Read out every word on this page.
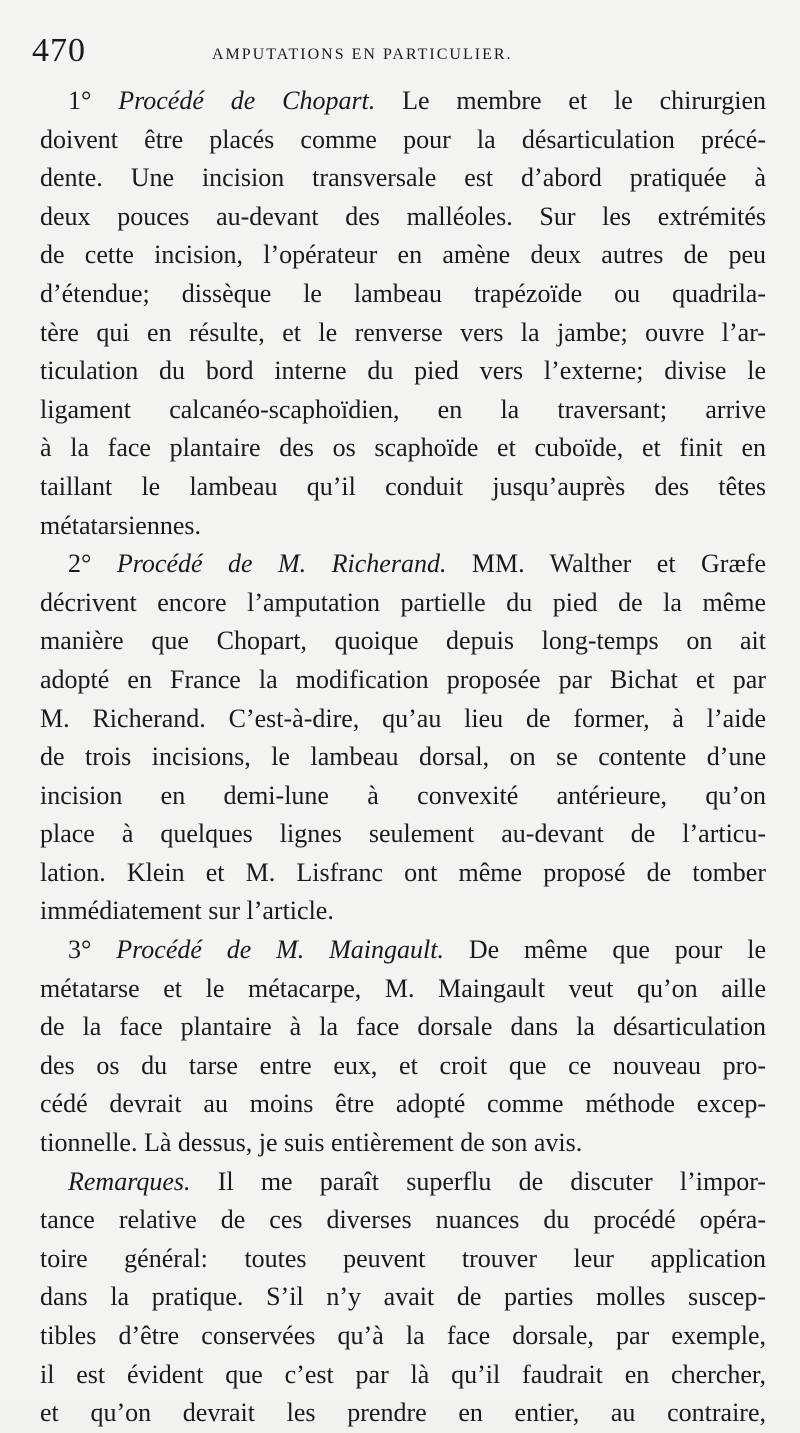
470	AMPUTATIONS EN PARTICULIER.
1° Procédé de Chopart. Le membre et le chirurgien
doivent être placés comme pour la désarticulation précé-
dente. Une incision transversale est d’abord pratiquée à
deux pouces au-devant des malléoles. Sur les extrémités
de cette incision, l’opérateur en amène deux autres de peu
d’étendue; dissèque le lambeau trapézoïde ou quadrila-
tère qui en résulte, et le renverse vers la jambe; ouvre l’ar-
ticulation du bord interne du pied vers l’externe; divise le
ligament calcanéo-scaphoïdien, en la traversant; arrive
à la face plantaire des os scaphoïde et cuboïde, et finit en
taillant le lambeau qu’il conduit jusqu’auprès des têtes
métatarsiennes.
2° Procédé de M. Richerand. MM. Walther et Græfe
décrivent encore l’amputation partielle du pied de la même
manière que Chopart, quoique depuis long-temps on ait
adopté en France la modification proposée par Bichat et par
M. Richerand. C’est-à-dire, qu’au lieu de former, à l’aide
de trois incisions, le lambeau dorsal, on se contente d’une
incision en demi-lune à convexité antérieure, qu’on
place à quelques lignes seulement au-devant de l’articu-
lation. Klein et M. Lisfranc ont même proposé de tomber
immédiatement sur l’article.
3° Procédé de M. Maingault. De même que pour le
métatarse et le métacarpe, M. Maingault veut qu’on aille
de la face plantaire à la face dorsale dans la désarticulation
des os du tarse entre eux, et croit que ce nouveau pro-
cédé devrait au moins être adopté comme méthode excep-
tionnelle. Là dessus, je suis entièrement de son avis.
Remarques. Il me paraît superflu de discuter l’impor-
tance relative de ces diverses nuances du procédé opéra-
toire général: toutes peuvent trouver leur application
dans la pratique. S’il n’y avait de parties molles suscep-
tibles d’être conservées qu’à la face dorsale, par exemple,
il est évident que c’est par là qu’il faudrait en chercher,
et qu’on devrait les prendre en entier, au contraire,
